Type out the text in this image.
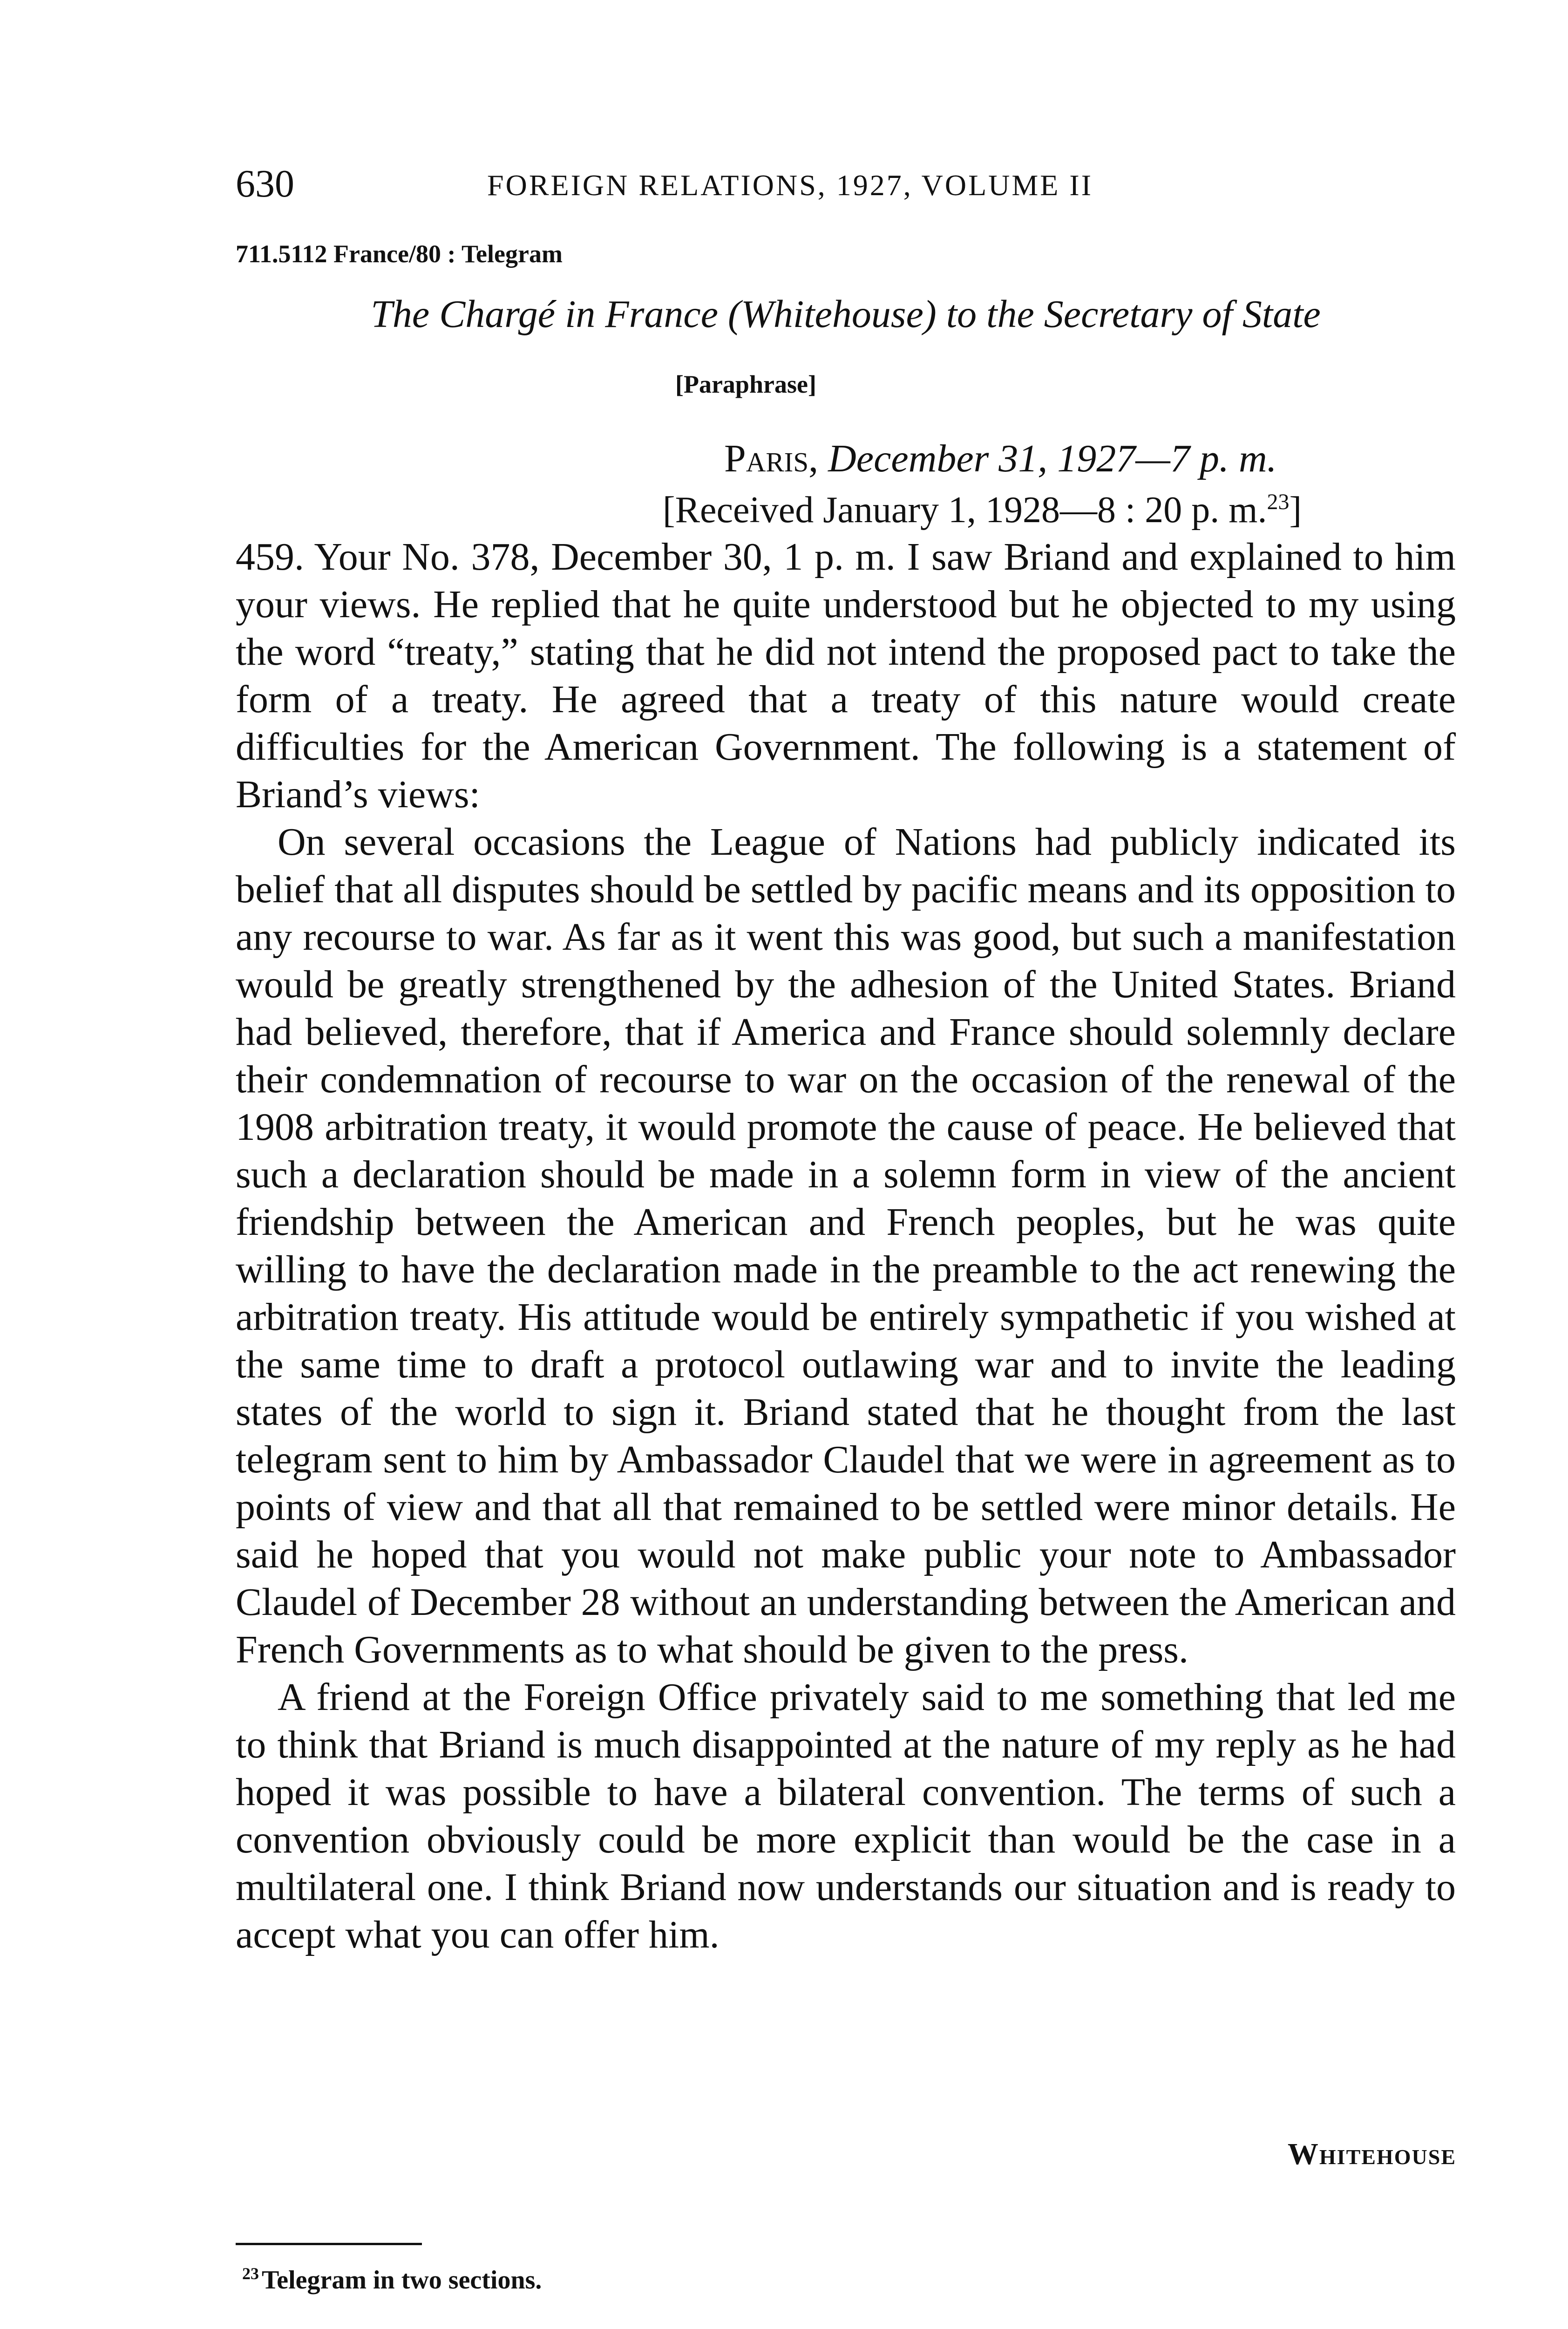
630	FOREIGN RELATIONS, 1927, VOLUME II
711.5112 France/80 : Telegram
The Chargé in France (Whitehouse) to the Secretary of State
[Paraphrase]
Paris, December 31, 1927—7 p. m.
[Received January 1, 1928—8 : 20 p. m.$^{23}$]

459. Your No. 378, December 30, 1 p. m. I saw Briand and explained to him your views. He replied that he quite understood but he objected to my using the word “treaty,” stating that he did not intend the proposed pact to take the form of a treaty. He agreed that a treaty of this nature would create difficulties for the American Government. The following is a statement of Briand’s views:

On several occasions the League of Nations had publicly indicated its belief that all disputes should be settled by pacific means and its opposition to any recourse to war. As far as it went this was good, but such a manifestation would be greatly strengthened by the adhesion of the United States. Briand had believed, therefore, that if America and France should solemnly declare their condemnation of recourse to war on the occasion of the renewal of the 1908 arbitration treaty, it would promote the cause of peace. He believed that such a declaration should be made in a solemn form in view of the ancient friendship between the American and French peoples, but he was quite willing to have the declaration made in the preamble to the act renewing the arbitration treaty. His attitude would be entirely sympathetic if you wished at the same time to draft a protocol outlawing war and to invite the leading states of the world to sign it. Briand stated that he thought from the last telegram sent to him by Ambassador Claudel that we were in agreement as to points of view and that all that remained to be settled were minor details. He said he hoped that you would not make public your note to Ambassador Claudel of December 28 without an understanding between the American and French Governments as to what should be given to the press.

A friend at the Foreign Office privately said to me something that led me to think that Briand is much disappointed at the nature of my reply as he had hoped it was possible to have a bilateral convention. The terms of such a convention obviously could be more explicit than would be the case in a multilateral one. I think Briand now understands our situation and is ready to accept what you can offer him.

Whitehouse
$^{23}$ Telegram in two sections.
